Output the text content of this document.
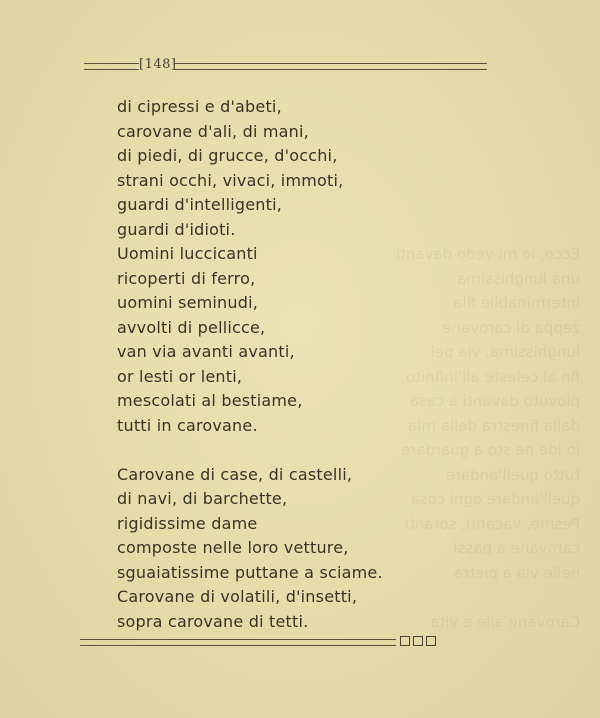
Ecco, io mi vedo davanti
una lunghissima
interminabile fila
zeppa di carovane
lunghissima, via pei
fin al celeste all'infinito
piovuto davanti a casa
dalla finestra della mia
io ide ne sto a guardare
tutto quell'andare
quell'andare ogni cosa
Pesme, vacanti, soranti
carovane a passi
nelle via a pietra

Carovane alle e vita
[148]
di cipressi e d'abeti,
carovane d'ali, di mani,
di piedi, di grucce, d'occhi,
strani occhi, vivaci, immoti,
guardi d'intelligenti,
guardi d'idioti.
Uomini luccicanti
ricoperti di ferro,
uomini seminudi,
avvolti di pellicce,
van via avanti avanti,
or lesti or lenti,
mescolati al bestiame,
tutti in carovane.
Carovane di case, di castelli,
di navi, di barchette,
rigidissime dame
composte nelle loro vetture,
sguaiatissime puttane a sciame.
Carovane di volatili, d'insetti,
sopra carovane di tetti.
